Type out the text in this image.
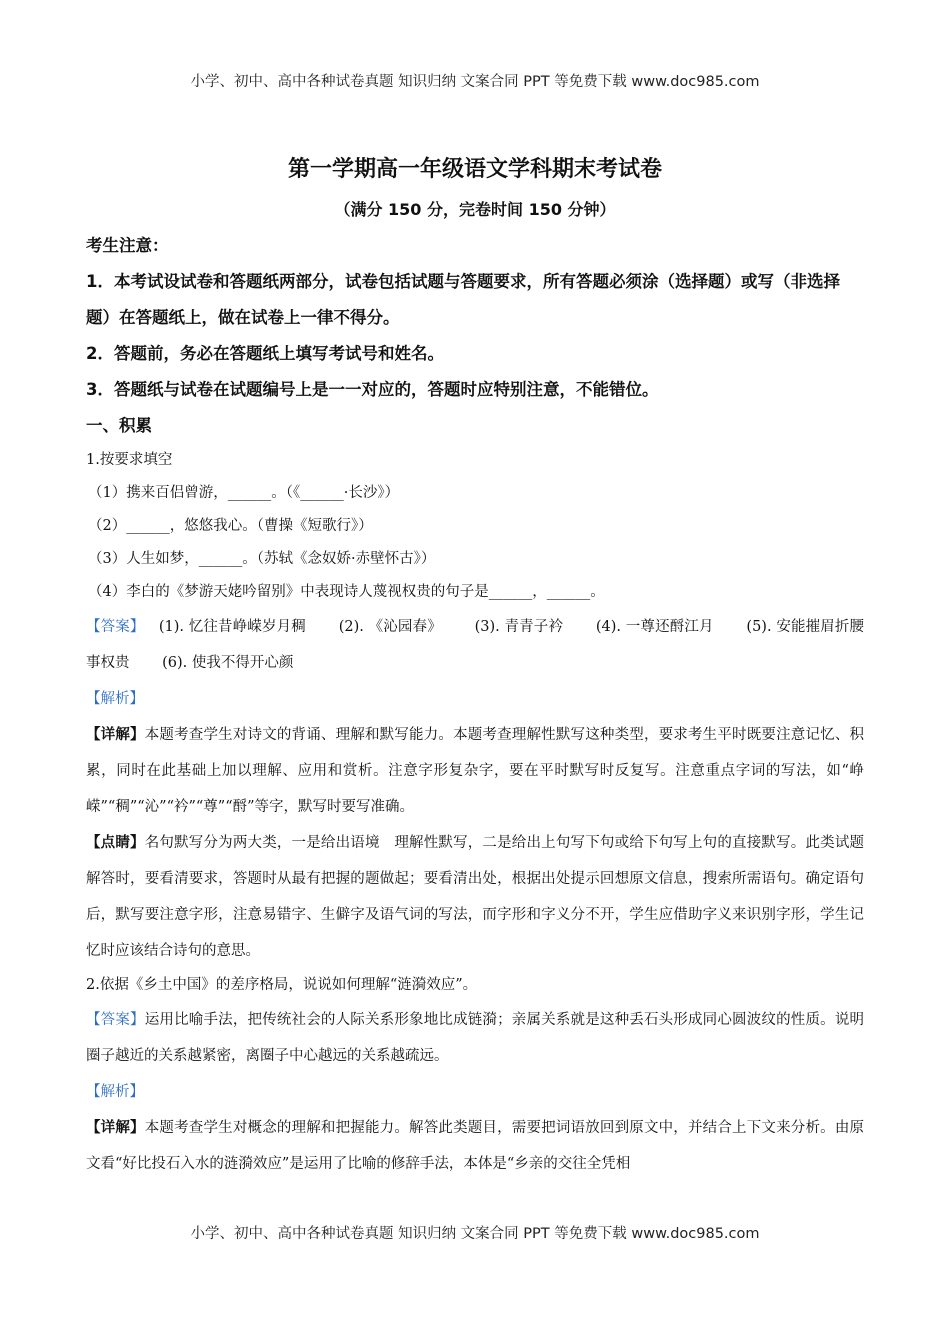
小学、初中、高中各种试卷真题 知识归纳 文案合同 PPT 等免费下载 www.doc985.com
第一学期高一年级语文学科期末考试卷
（满分 150 分，完卷时间 150 分钟）
考生注意：
1．本考试设试卷和答题纸两部分，试卷包括试题与答题要求，所有答题必须涂（选择题）或写（非选择题）在答题纸上，做在试卷上一律不得分。
2．答题前，务必在答题纸上填写考试号和姓名。
3．答题纸与试卷在试题编号上是一一对应的，答题时应特别注意，不能错位。
一、积累
1.按要求填空
（1）携来百侣曾游，______。（《______·长沙》）
（2）______，悠悠我心。（曹操《短歌行》）
（3）人生如梦，______。（苏轼《念奴娇·赤壁怀古》）
（4）李白的《梦游天姥吟留别》中表现诗人蔑视权贵的句子是______，______。
【答案】 (1). 忆往昔峥嵘岁月稠 (2). 《沁园春》 (3). 青青子衿 (4). 一尊还酹江月 (5). 安能摧眉折腰事权贵 (6). 使我不得开心颜
【解析】
【详解】本题考查学生对诗文的背诵、理解和默写能力。本题考查理解性默写这种类型，要求考生平时既要注意记忆、积累，同时在此基础上加以理解、应用和赏析。注意字形复杂字，要在平时默写时反复写。注意重点字词的写法，如“峥嵘”“稠”“沁”“衿”“尊”“酹”等字，默写时要写准确。
【点睛】名句默写分为两大类，一是给出语境　理解性默写，二是给出上句写下句或给下句写上句的直接默写。此类试题解答时，要看清要求，答题时从最有把握的题做起；要看清出处，根据出处提示回想原文信息，搜索所需语句。确定语句后，默写要注意字形，注意易错字、生僻字及语气词的写法，而字形和字义分不开，学生应借助字义来识别字形，学生记忆时应该结合诗句的意思。
2.依据《乡土中国》的差序格局，说说如何理解“涟漪效应”。
【答案】运用比喻手法，把传统社会的人际关系形象地比成链漪；亲属关系就是这种丢石头形成同心圆波纹的性质。说明圈子越近的关系越紧密，离圈子中心越远的关系越疏远。
【解析】
【详解】本题考查学生对概念的理解和把握能力。解答此类题目，需要把词语放回到原文中，并结合上下文来分析。由原文看“好比投石入水的涟漪效应”是运用了比喻的修辞手法，本体是“乡亲的交往全凭相
小学、初中、高中各种试卷真题 知识归纳 文案合同 PPT 等免费下载 www.doc985.com
